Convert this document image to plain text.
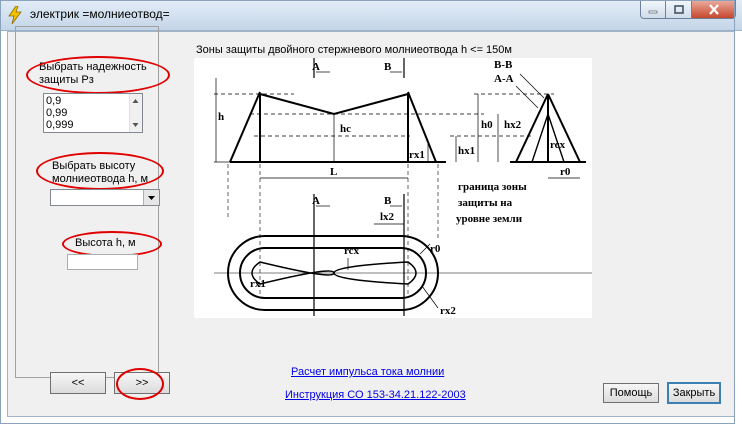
электрик =молниеотвод=
Выбрать надежность защиты Рз
0,9
0,99
0,999
Выбрать высоту молниеотвода h, м
Высота h, м
<<	>>
Зоны защиты двойного стержневого молниеотвода h <= 150м
A	B	B-B
A-A
h
hc	h0 hx2
hx1
rx1
rcx
r0
L
A	B
lx2
граница зоны
защиты на
уровне земли
rcx	r0
rx1
rx2
Расчет импульса тока молнии
Инструкция СО 153-34.21.122-2003	Помощь	Закрыть
